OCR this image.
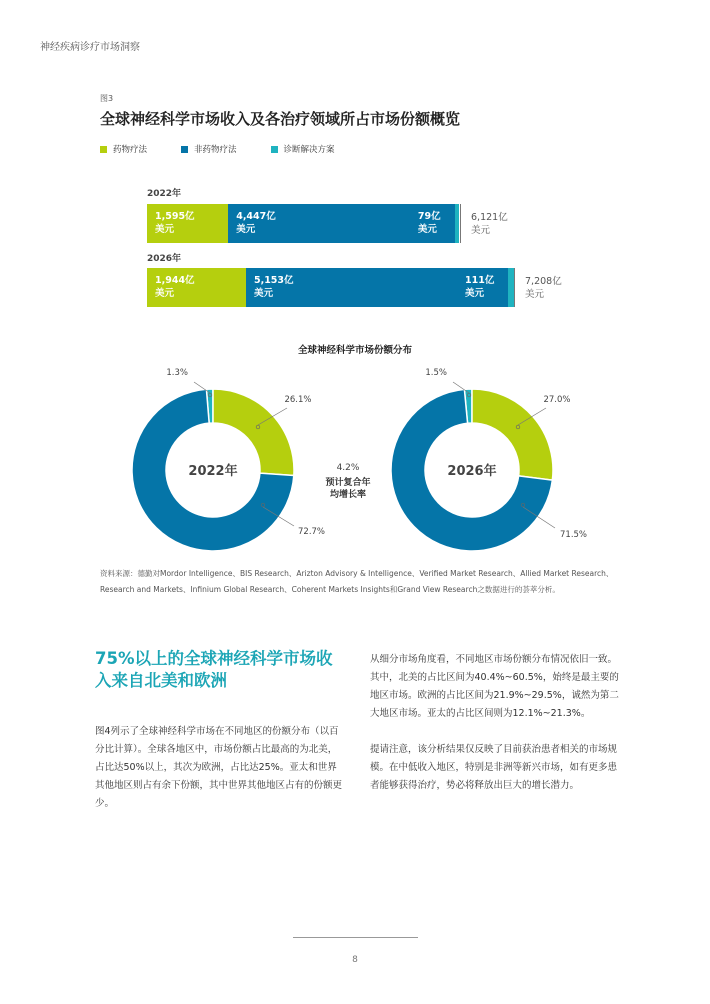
神经疾病诊疗市场洞察
图3
全球神经科学市场收入及各治疗领域所占市场份额概览
药物疗法	非药物疗法	诊断解决方案
2022年
1,595亿
美元
4,447亿
美元
79亿
美元
6,121亿
美元
2026年
1,944亿
美元
5,153亿
美元
111亿
美元
7,208亿
美元
全球神经科学市场份额分布
2022年
1.3%
26.1%
72.7%
2026年
1.5%
27.0%
71.5%
4.2%
预计复合年
均增长率
资料来源：德勤对Mordor Intelligence、BIS Research、Arizton Advisory & Intelligence、Verified Market Research、Allied Market Research、Research and Markets、Infinium Global Research、Coherent Markets Insights和Grand View Research之数据进行的荟萃分析。
75%以上的全球神经科学市场收入来自北美和欧洲
图4列示了全球神经科学市场在不同地区的份额分布（以百分比计算）。全球各地区中，市场份额占比最高的为北美，占比达50%以上，其次为欧洲，占比达25%。亚太和世界其他地区则占有余下份额，其中世界其他地区占有的份额更少。

从细分市场角度看，不同地区市场份额分布情况依旧一致。其中，北美的占比区间为40.4%~60.5%，始终是最主要的地区市场。欧洲的占比区间为21.9%~29.5%，诚然为第二大地区市场。亚太的占比区间则为12.1%~21.3%。

提请注意，该分析结果仅反映了目前获治患者相关的市场规模。在中低收入地区，特别是非洲等新兴市场，如有更多患者能够获得治疗，势必将释放出巨大的增长潜力。

8
